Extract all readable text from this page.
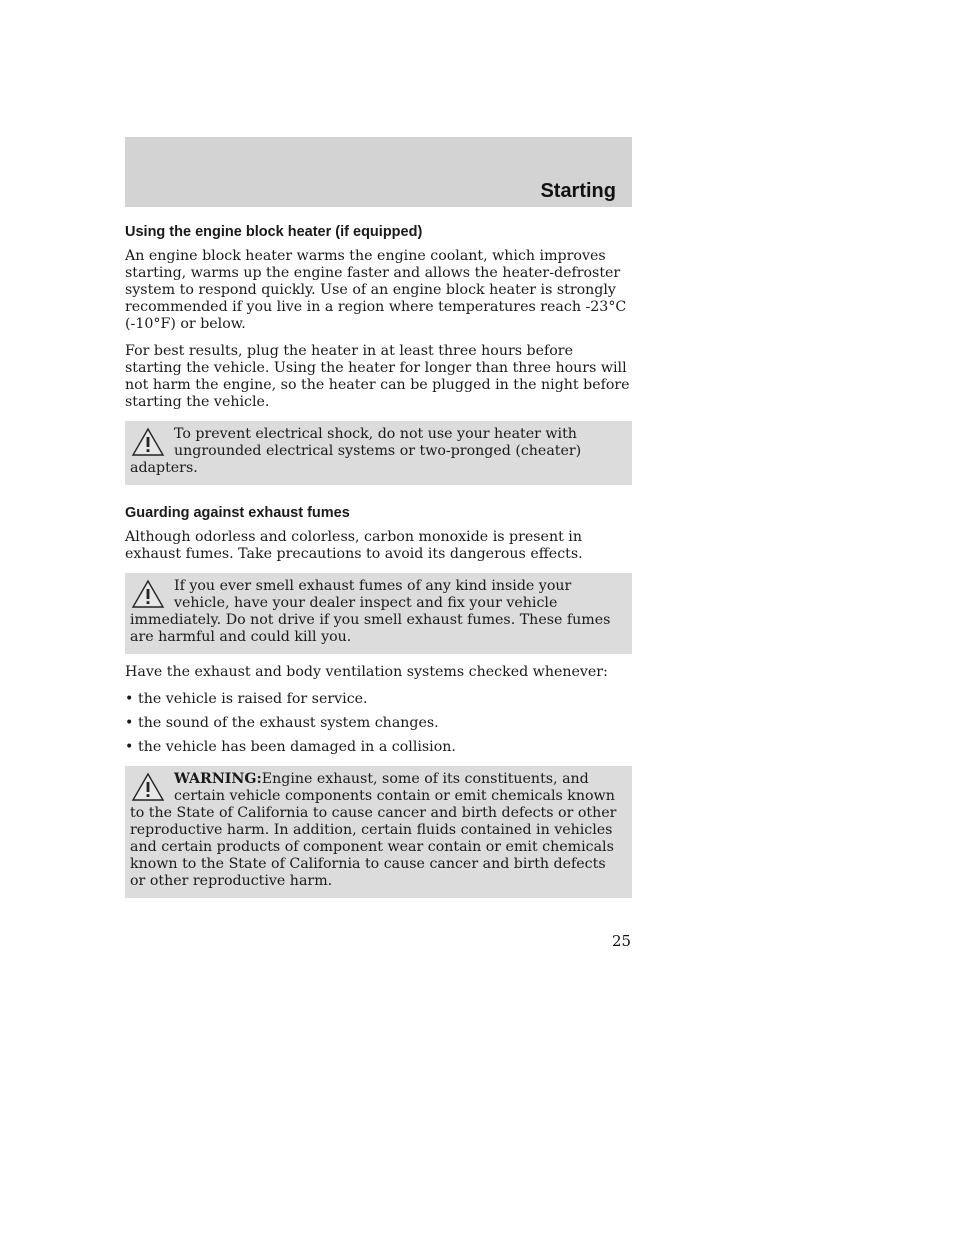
Starting
Using the engine block heater (if equipped)

An engine block heater warms the engine coolant, which improves starting, warms up the engine faster and allows the heater-defroster system to respond quickly. Use of an engine block heater is strongly recommended if you live in a region where temperatures reach -23°C (-10°F) or below.

For best results, plug the heater in at least three hours before starting the vehicle. Using the heater for longer than three hours will not harm the engine, so the heater can be plugged in the night before starting the vehicle.

To prevent electrical shock, do not use your heater with ungrounded electrical systems or two-pronged (cheater) adapters.
Guarding against exhaust fumes

Although odorless and colorless, carbon monoxide is present in exhaust fumes. Take precautions to avoid its dangerous effects.

If you ever smell exhaust fumes of any kind inside your vehicle, have your dealer inspect and fix your vehicle immediately. Do not drive if you smell exhaust fumes. These fumes are harmful and could kill you.

Have the exhaust and body ventilation systems checked whenever:

• the vehicle is raised for service.
• the sound of the exhaust system changes.
• the vehicle has been damaged in a collision.
WARNING:Engine exhaust, some of its constituents, and certain vehicle components contain or emit chemicals known to the State of California to cause cancer and birth defects or other reproductive harm. In addition, certain fluids contained in vehicles and certain products of component wear contain or emit chemicals known to the State of California to cause cancer and birth defects or other reproductive harm.
25
